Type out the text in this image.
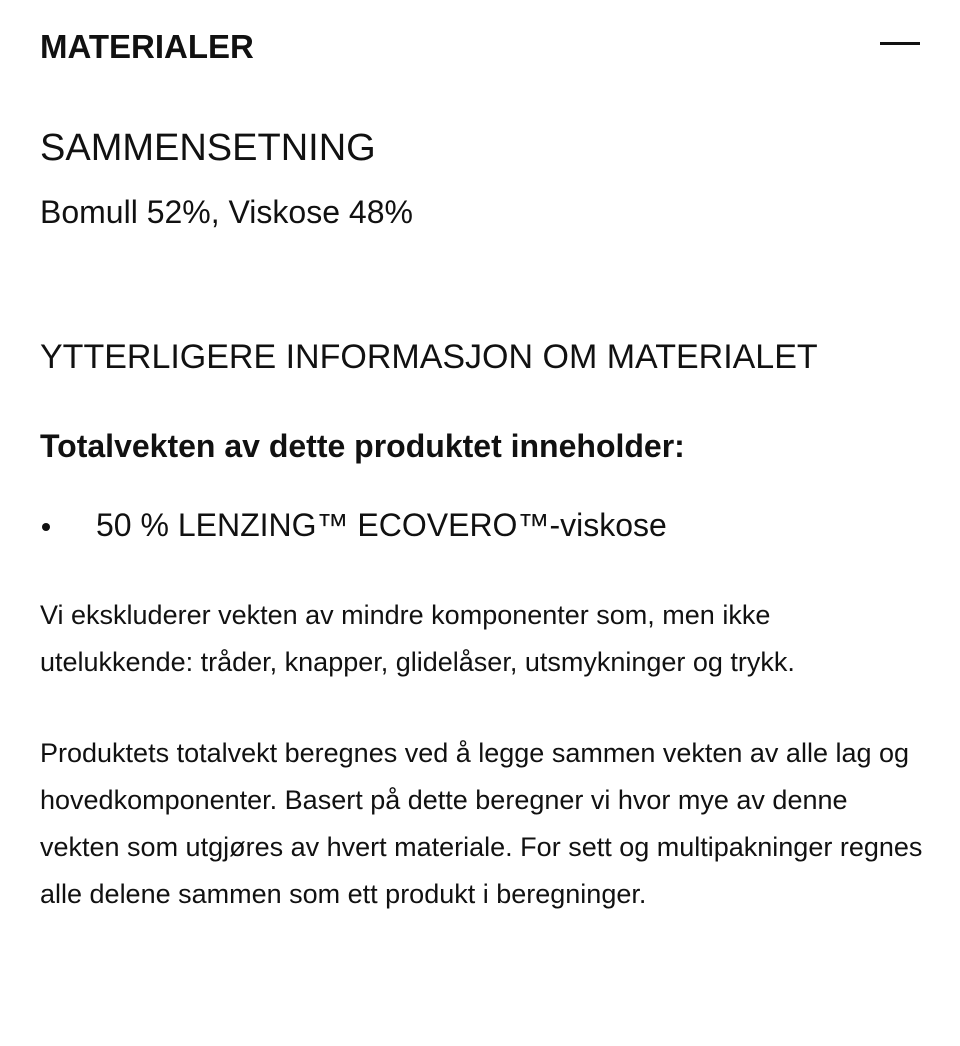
MATERIALER
SAMMENSETNING
Bomull 52%, Viskose 48%
YTTERLIGERE INFORMASJON OM MATERIALET
Totalvekten av dette produktet inneholder:
50 % LENZING™ ECOVERO™-viskose

Vi ekskluderer vekten av mindre komponenter som, men ikke utelukkende: tråder, knapper, glidelåser, utsmykninger og trykk.

Produktets totalvekt beregnes ved å legge sammen vekten av alle lag og hovedkomponenter. Basert på dette beregner vi hvor mye av denne vekten som utgjøres av hvert materiale. For sett og multipakninger regnes alle delene sammen som ett produkt i beregninger.
